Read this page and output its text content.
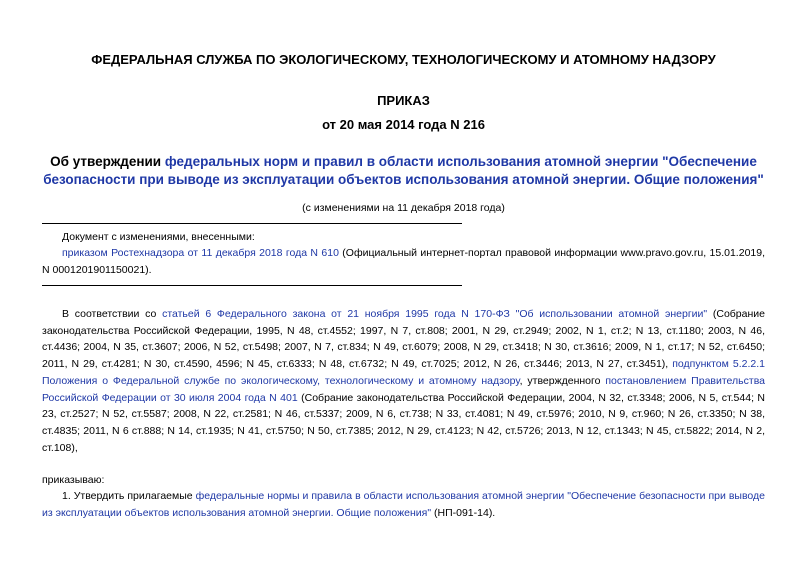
ФЕДЕРАЛЬНАЯ СЛУЖБА ПО ЭКОЛОГИЧЕСКОМУ, ТЕХНОЛОГИЧЕСКОМУ И АТОМНОМУ НАДЗОРУ
ПРИКАЗ
от 20 мая 2014 года N 216
Об утверждении федеральных норм и правил в области использования атомной энергии "Обеспечение безопасности при выводе из эксплуатации объектов использования атомной энергии. Общие положения"
(с изменениями на 11 декабря 2018 года)
Документ с изменениями, внесенными:
приказом Ростехнадзора от 11 декабря 2018 года N 610 (Официальный интернет-портал правовой информации www.pravo.gov.ru, 15.01.2019, N 0001201901150021).
В соответствии со статьей 6 Федерального закона от 21 ноября 1995 года N 170-ФЗ "Об использовании атомной энергии" (Собрание законодательства Российской Федерации, 1995, N 48, ст.4552; 1997, N 7, ст.808; 2001, N 29, ст.2949; 2002, N 1, ст.2; N 13, ст.1180; 2003, N 46, ст.4436; 2004, N 35, ст.3607; 2006, N 52, ст.5498; 2007, N 7, ст.834; N 49, ст.6079; 2008, N 29, ст.3418; N 30, ст.3616; 2009, N 1, ст.17; N 52, ст.6450; 2011, N 29, ст.4281; N 30, ст.4590, 4596; N 45, ст.6333; N 48, ст.6732; N 49, ст.7025; 2012, N 26, ст.3446; 2013, N 27, ст.3451), подпунктом 5.2.2.1 Положения о Федеральной службе по экологическому, технологическому и атомному надзору, утвержденного постановлением Правительства Российской Федерации от 30 июля 2004 года N 401 (Собрание законодательства Российской Федерации, 2004, N 32, ст.3348; 2006, N 5, ст.544; N 23, ст.2527; N 52, ст.5587; 2008, N 22, ст.2581; N 46, ст.5337; 2009, N 6, ст.738; N 33, ст.4081; N 49, ст.5976; 2010, N 9, ст.960; N 26, ст.3350; N 38, ст.4835; 2011, N 6 ст.888; N 14, ст.1935; N 41, ст.5750; N 50, ст.7385; 2012, N 29, ст.4123; N 42, ст.5726; 2013, N 12, ст.1343; N 45, ст.5822; 2014, N 2, ст.108),
приказываю:
1. Утвердить прилагаемые федеральные нормы и правила в области использования атомной энергии "Обеспечение безопасности при выводе из эксплуатации объектов использования атомной энергии. Общие положения" (НП-091-14).
